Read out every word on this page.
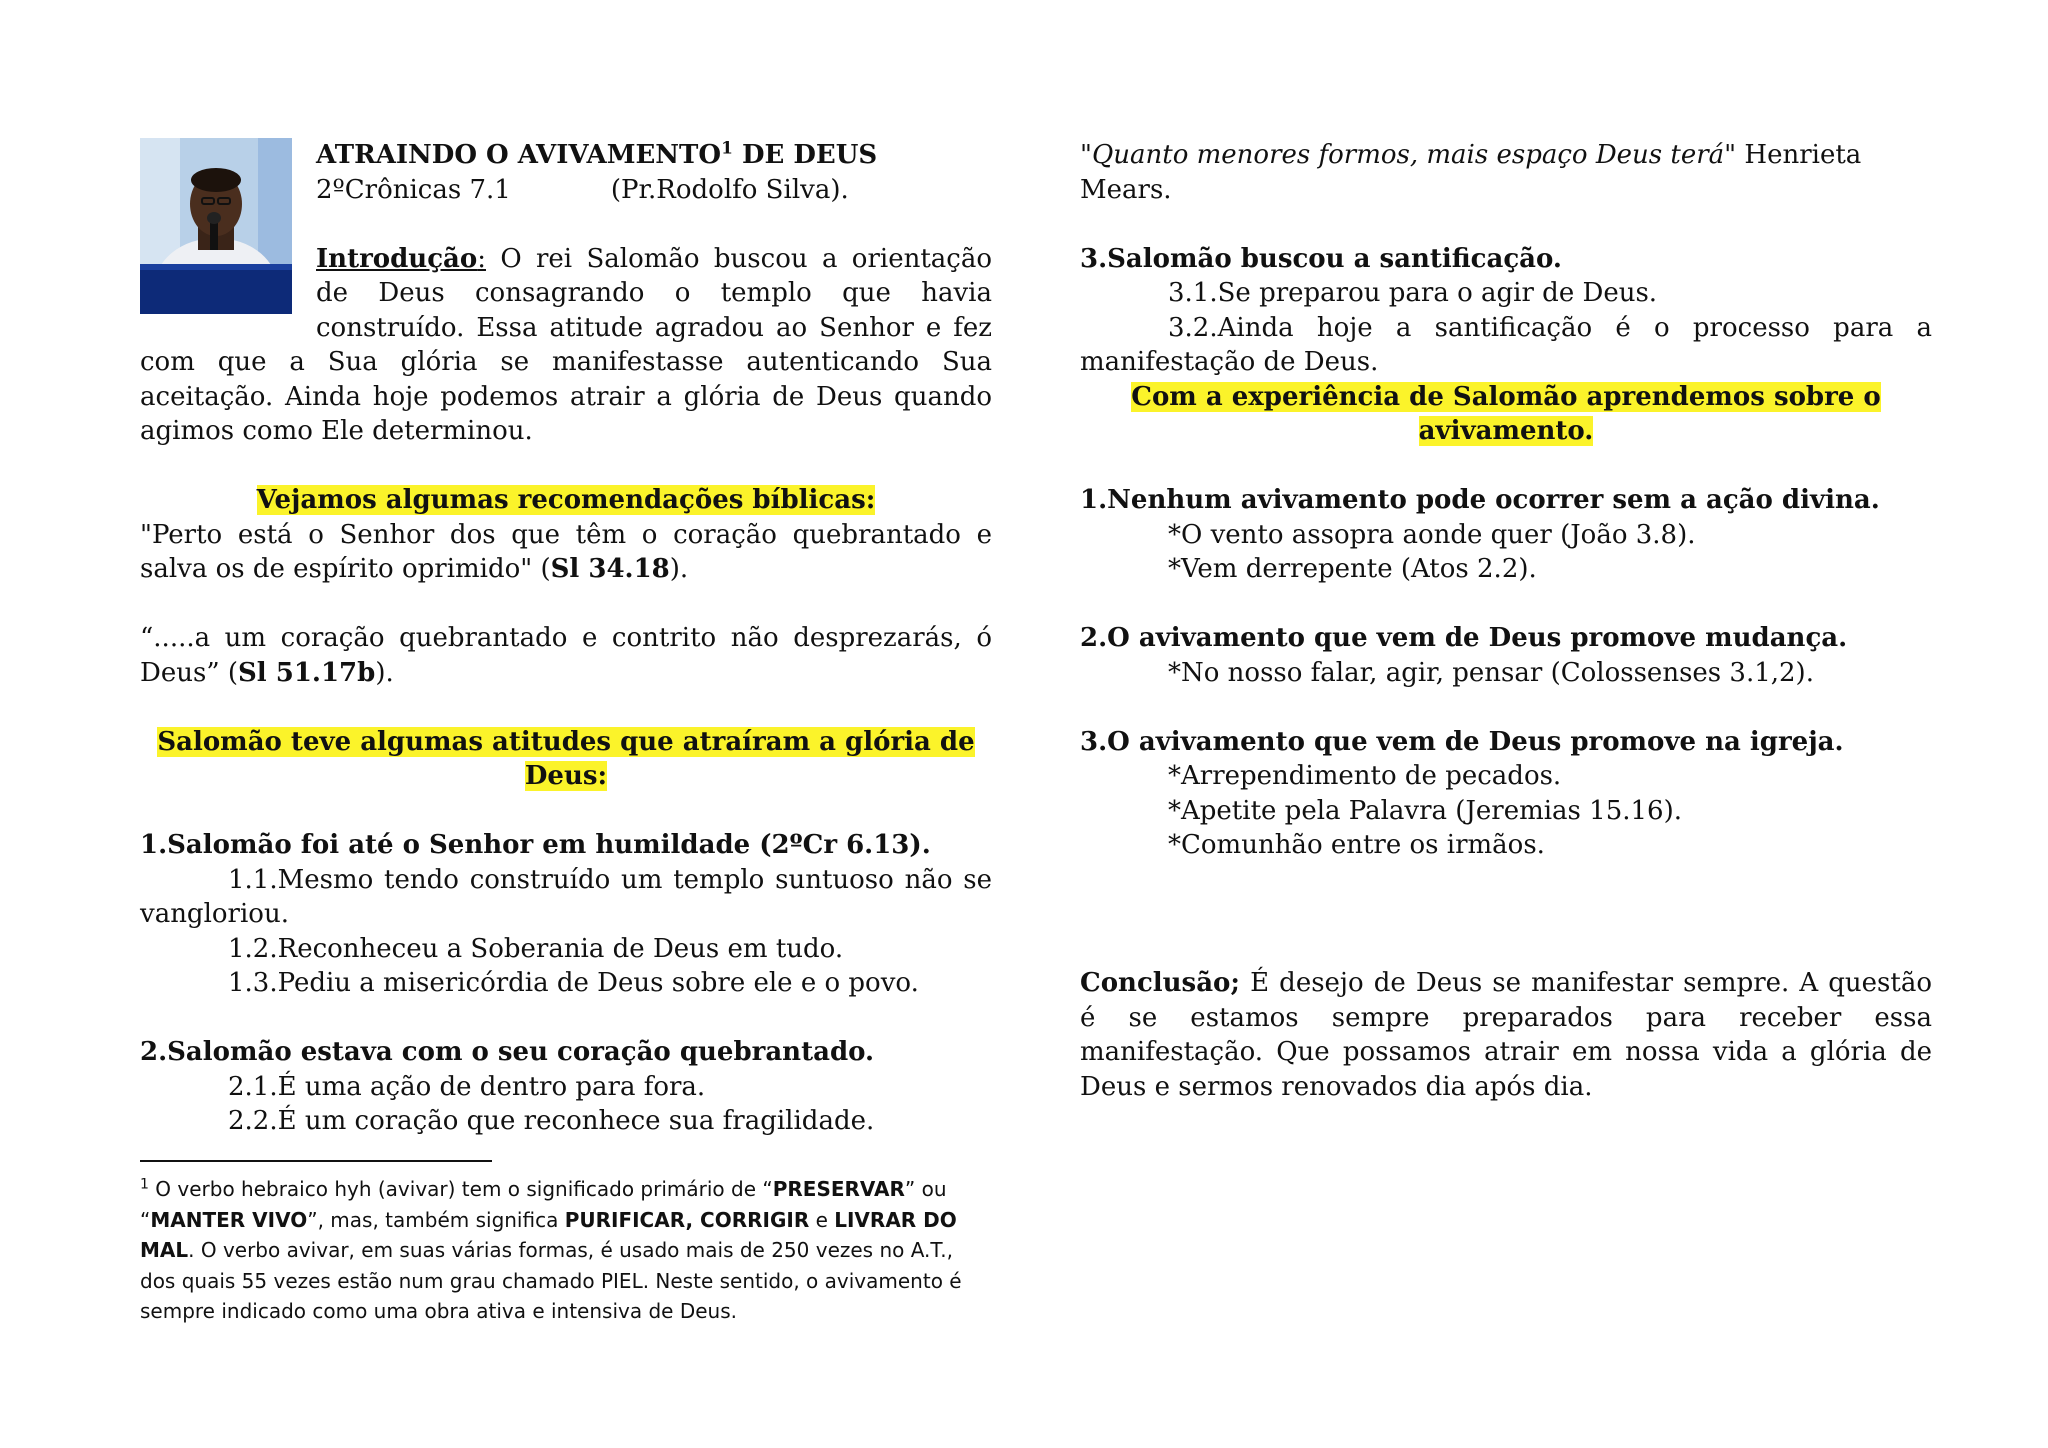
ATRAINDO O AVIVAMENTO$^1$ DE DEUS

2ºCrônicas 7.1	(Pr.Rodolfo Silva).

Introdução: O rei Salomão buscou a orientação de Deus consagrando o templo que havia construído. Essa atitude agradou ao Senhor e fez com que a Sua glória se manifestasse autenticando Sua aceitação. Ainda hoje podemos atrair a glória de Deus quando agimos como Ele determinou.

Vejamos algumas recomendações bíblicas:

"Perto está o Senhor dos que têm o coração quebrantado e salva os de espírito oprimido" (Sl 34.18).

“.....a um coração quebrantado e contrito não desprezarás, ó Deus” (Sl 51.17b).

Salomão teve algumas atitudes que atraíram a glória de Deus:

1.Salomão foi até o Senhor em humildade (2ºCr 6.13).

1.1.Mesmo tendo construído um templo suntuoso não se vangloriou.

1.2.Reconheceu a Soberania de Deus em tudo.

1.3.Pediu a misericórdia de Deus sobre ele e o povo.

2.Salomão estava com o seu coração quebrantado.

2.1.É uma ação de dentro para fora.

2.2.É um coração que reconhece sua fragilidade.

"Quanto menores formos, mais espaço Deus terá" Henrieta Mears.

3.Salomão buscou a santificação.

3.1.Se preparou para o agir de Deus.

3.2.Ainda hoje a santificação é o processo para a manifestação de Deus.

Com a experiência de Salomão aprendemos sobre o
avivamento.

1.Nenhum avivamento pode ocorrer sem a ação divina.

*O vento assopra aonde quer (João 3.8).

*Vem derrepente (Atos 2.2).

2.O avivamento que vem de Deus promove mudança.

*No nosso falar, agir, pensar (Colossenses 3.1,2).

3.O avivamento que vem de Deus promove na igreja.

*Arrependimento de pecados.

*Apetite pela Palavra (Jeremias 15.16).

*Comunhão entre os irmãos.

Conclusão; É desejo de Deus se manifestar sempre. A questão é se estamos sempre preparados para receber essa manifestação. Que possamos atrair em nossa vida a glória de Deus e sermos renovados dia após dia.

$^1$ O verbo hebraico hyh (avivar) tem o significado primário de “PRESERVAR” ou “MANTER VIVO”, mas, também significa PURIFICAR, CORRIGIR e LIVRAR DO MAL. O verbo avivar, em suas várias formas, é usado mais de 250 vezes no A.T., dos quais 55 vezes estão num grau chamado PIEL. Neste sentido, o avivamento é sempre indicado como uma obra ativa e intensiva de Deus.
